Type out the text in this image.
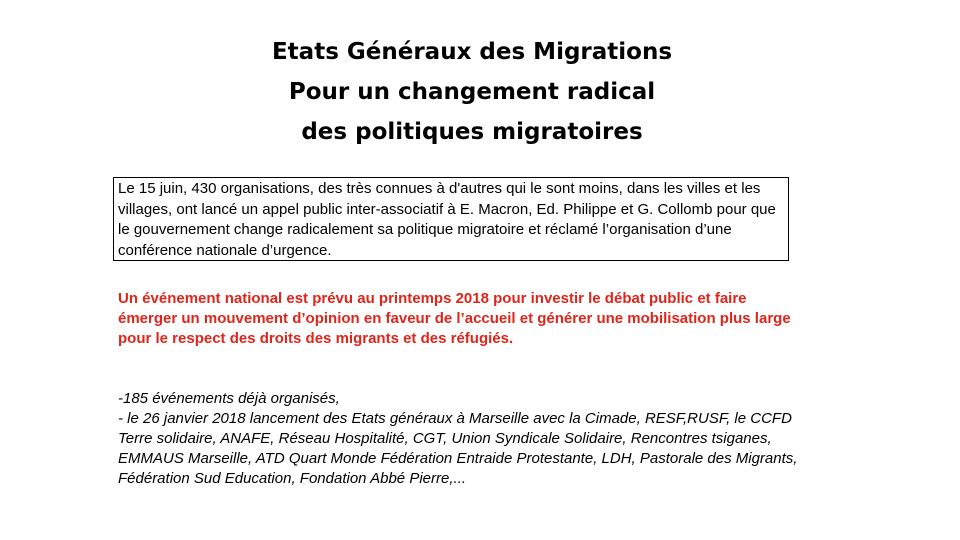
Etats Généraux des Migrations
Pour un changement radical
des politiques migratoires
Le 15 juin, 430 organisations, des très connues à d'autres qui le sont moins, dans les villes et les villages, ont lancé un appel public inter-associatif à E. Macron, Ed. Philippe et G. Collomb pour que le gouvernement change radicalement sa politique migratoire et réclamé l’organisation d’une conférence nationale d’urgence.
Un événement national est prévu au printemps 2018 pour investir le débat public et faire émerger un mouvement d’opinion en faveur de l’accueil et générer une mobilisation plus large pour le respect des droits des migrants et des réfugiés.
-185 événements déjà organisés,
- le 26 janvier 2018 lancement des Etats généraux à Marseille avec la Cimade, RESF,RUSF, le CCFD Terre solidaire, ANAFE, Réseau Hospitalité, CGT, Union Syndicale Solidaire, Rencontres tsiganes, EMMAUS Marseille, ATD Quart Monde Fédération Entraide Protestante, LDH, Pastorale des Migrants, Fédération Sud Education, Fondation Abbé Pierre,...
